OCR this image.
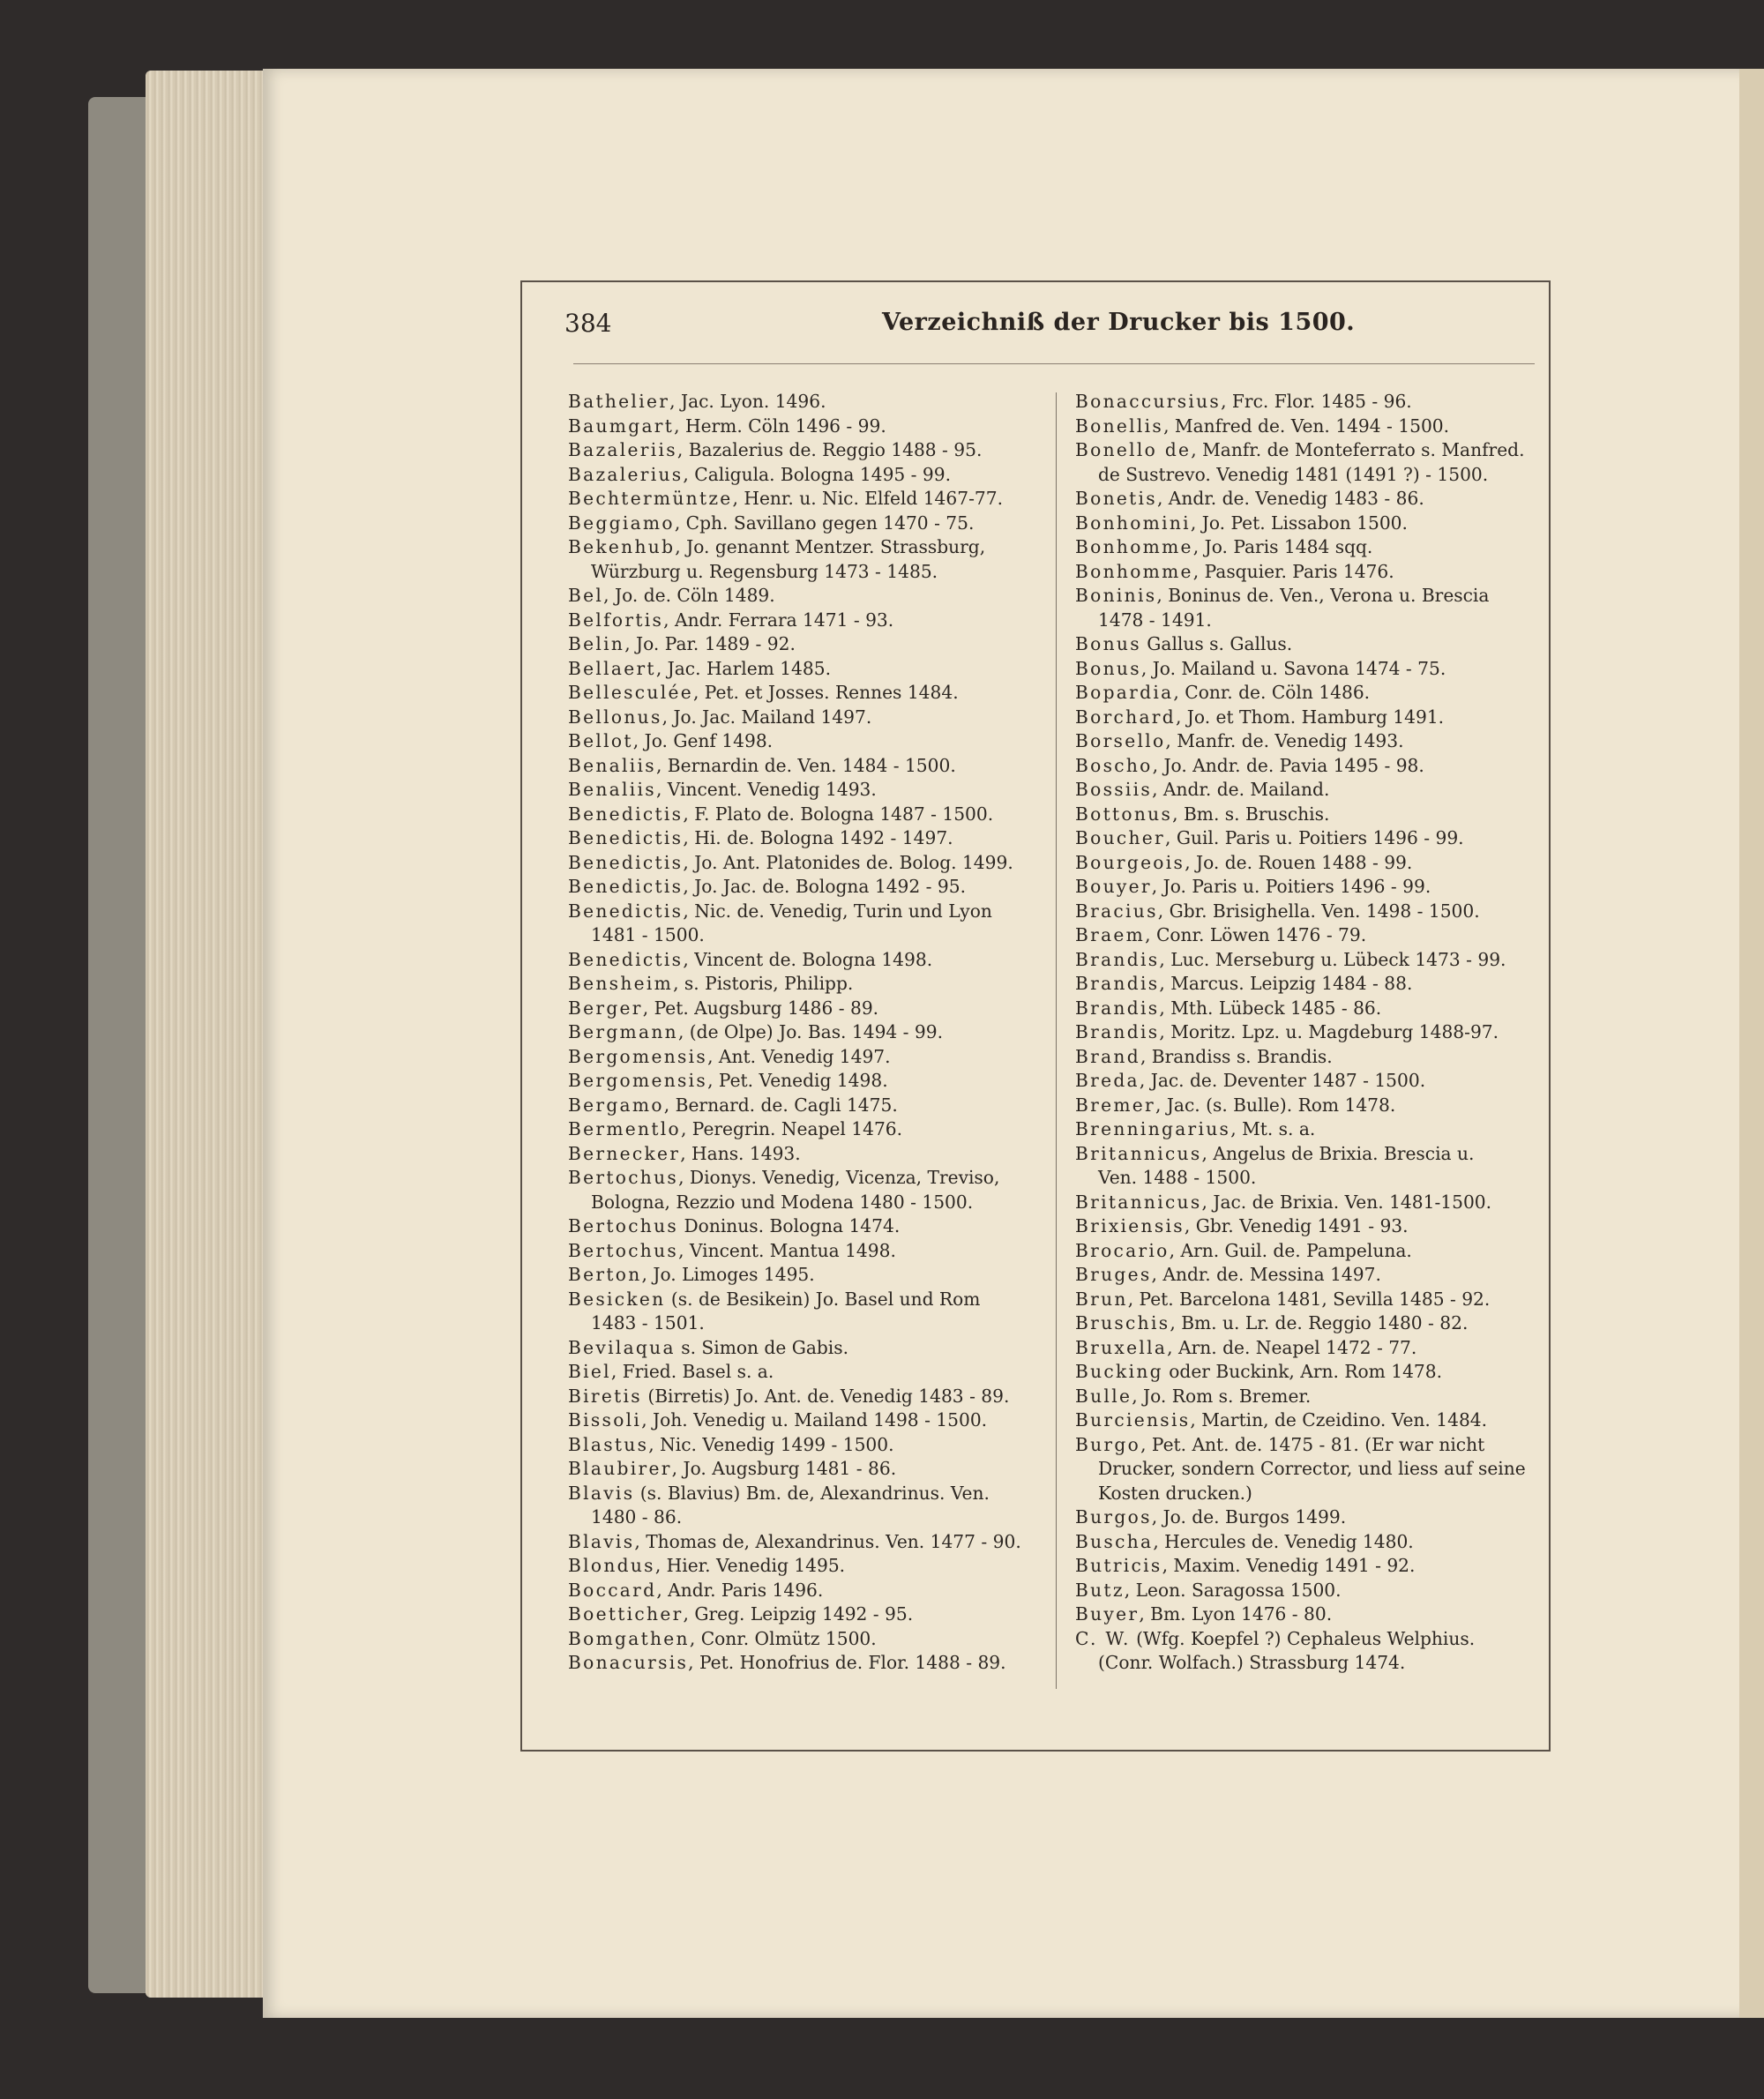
384	Verzeichniß der Drucker bis 1500.
Bathelier, Jac. Lyon. 1496.
Baumgart, Herm. Cöln 1496 - 99.
Bazaleriis, Bazalerius de. Reggio 1488 - 95.
Bazalerius, Caligula. Bologna 1495 - 99.
Bechtermüntze, Henr. u. Nic. Elfeld 1467-77.
Beggiamo, Cph. Savillano gegen 1470 - 75.
Bekenhub, Jo. genannt Mentzer. Strassburg,
Würzburg u. Regensburg 1473 - 1485.
Bel, Jo. de. Cöln 1489.
Belfortis, Andr. Ferrara 1471 - 93.
Belin, Jo. Par. 1489 - 92.
Bellaert, Jac. Harlem 1485.
Bellesculée, Pet. et Josses. Rennes 1484.
Bellonus, Jo. Jac. Mailand 1497.
Bellot, Jo. Genf 1498.
Benaliis, Bernardin de. Ven. 1484 - 1500.
Benaliis, Vincent. Venedig 1493.
Benedictis, F. Plato de. Bologna 1487 - 1500.
Benedictis, Hi. de. Bologna 1492 - 1497.
Benedictis, Jo. Ant. Platonides de. Bolog. 1499.
Benedictis, Jo. Jac. de. Bologna 1492 - 95.
Benedictis, Nic. de. Venedig, Turin und Lyon
1481 - 1500.
Benedictis, Vincent de. Bologna 1498.
Bensheim, s. Pistoris, Philipp.
Berger, Pet. Augsburg 1486 - 89.
Bergmann, (de Olpe) Jo. Bas. 1494 - 99.
Bergomensis, Ant. Venedig 1497.
Bergomensis, Pet. Venedig 1498.
Bergamo, Bernard. de. Cagli 1475.
Bermentlo, Peregrin. Neapel 1476.
Bernecker, Hans. 1493.
Bertochus, Dionys. Venedig, Vicenza, Treviso,
Bologna, Rezzio und Modena 1480 - 1500.
Bertochus Doninus. Bologna 1474.
Bertochus, Vincent. Mantua 1498.
Berton, Jo. Limoges 1495.
Besicken (s. de Besikein) Jo. Basel und Rom
1483 - 1501.
Bevilaqua s. Simon de Gabis.
Biel, Fried. Basel s. a.
Biretis (Birretis) Jo. Ant. de. Venedig 1483 - 89.
Bissoli, Joh. Venedig u. Mailand 1498 - 1500.
Blastus, Nic. Venedig 1499 - 1500.
Blaubirer, Jo. Augsburg 1481 - 86.
Blavis (s. Blavius) Bm. de, Alexandrinus. Ven.
1480 - 86.
Blavis, Thomas de, Alexandrinus. Ven. 1477 - 90.
Blondus, Hier. Venedig 1495.
Boccard, Andr. Paris 1496.
Boetticher, Greg. Leipzig 1492 - 95.
Bomgathen, Conr. Olmütz 1500.
Bonacursis, Pet. Honofrius de. Flor. 1488 - 89.
Bonaccursius, Frc. Flor. 1485 - 96.
Bonellis, Manfred de. Ven. 1494 - 1500.
Bonello de, Manfr. de Monteferrato s. Manfred.
de Sustrevo. Venedig 1481 (1491 ?) - 1500.
Bonetis, Andr. de. Venedig 1483 - 86.
Bonhomini, Jo. Pet. Lissabon 1500.
Bonhomme, Jo. Paris 1484 sqq.
Bonhomme, Pasquier. Paris 1476.
Boninis, Boninus de. Ven., Verona u. Brescia
1478 - 1491.
Bonus Gallus s. Gallus.
Bonus, Jo. Mailand u. Savona 1474 - 75.
Bopardia, Conr. de. Cöln 1486.
Borchard, Jo. et Thom. Hamburg 1491.
Borsello, Manfr. de. Venedig 1493.
Boscho, Jo. Andr. de. Pavia 1495 - 98.
Bossiis, Andr. de. Mailand.
Bottonus, Bm. s. Bruschis.
Boucher, Guil. Paris u. Poitiers 1496 - 99.
Bourgeois, Jo. de. Rouen 1488 - 99.
Bouyer, Jo. Paris u. Poitiers 1496 - 99.
Bracius, Gbr. Brisighella. Ven. 1498 - 1500.
Braem, Conr. Löwen 1476 - 79.
Brandis, Luc. Merseburg u. Lübeck 1473 - 99.
Brandis, Marcus. Leipzig 1484 - 88.
Brandis, Mth. Lübeck 1485 - 86.
Brandis, Moritz. Lpz. u. Magdeburg 1488-97.
Brand, Brandiss s. Brandis.
Breda, Jac. de. Deventer 1487 - 1500.
Bremer, Jac. (s. Bulle). Rom 1478.
Brenningarius, Mt. s. a.
Britannicus, Angelus de Brixia. Brescia u.
Ven. 1488 - 1500.
Britannicus, Jac. de Brixia. Ven. 1481-1500.
Brixiensis, Gbr. Venedig 1491 - 93.
Brocario, Arn. Guil. de. Pampeluna.
Bruges, Andr. de. Messina 1497.
Brun, Pet. Barcelona 1481, Sevilla 1485 - 92.
Bruschis, Bm. u. Lr. de. Reggio 1480 - 82.
Bruxella, Arn. de. Neapel 1472 - 77.
Bucking oder Buckink, Arn. Rom 1478.
Bulle, Jo. Rom s. Bremer.
Burciensis, Martin, de Czeidino. Ven. 1484.
Burgo, Pet. Ant. de. 1475 - 81. (Er war nicht
Drucker, sondern Corrector, und liess auf seine
Kosten drucken.)
Burgos, Jo. de. Burgos 1499.
Buscha, Hercules de. Venedig 1480.
Butricis, Maxim. Venedig 1491 - 92.
Butz, Leon. Saragossa 1500.
Buyer, Bm. Lyon 1476 - 80.
C. W. (Wfg. Koepfel ?) Cephaleus Welphius.
(Conr. Wolfach.) Strassburg 1474.
